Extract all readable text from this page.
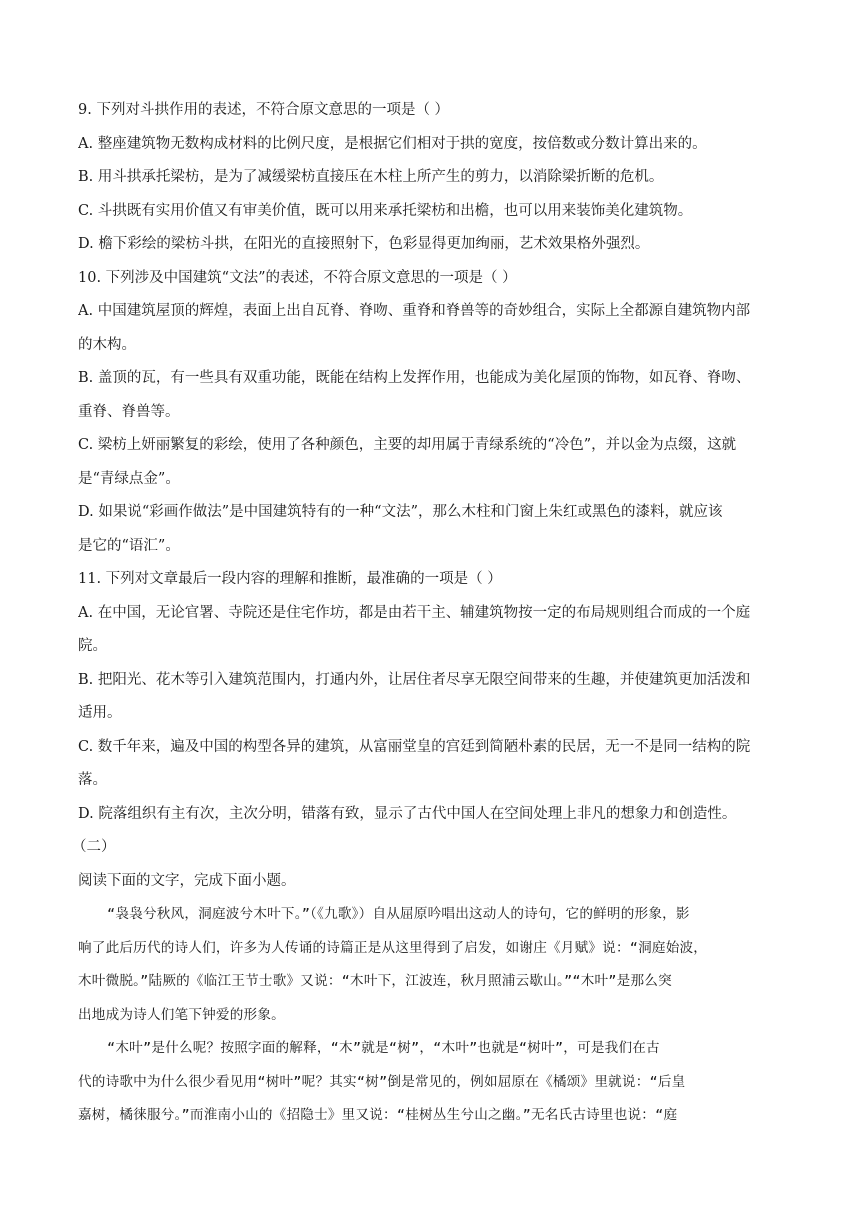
9. 下列对斗拱作用的表述，不符合原文意思的一项是（ ）
A. 整座建筑物无数构成材料的比例尺度，是根据它们相对于拱的宽度，按倍数或分数计算出来的。
B. 用斗拱承托梁枋，是为了减缓梁枋直接压在木柱上所产生的剪力，以消除梁折断的危机。
C. 斗拱既有实用价值又有审美价值，既可以用来承托梁枋和出檐，也可以用来装饰美化建筑物。
D. 檐下彩绘的梁枋斗拱，在阳光的直接照射下，色彩显得更加绚丽，艺术效果格外强烈。
10. 下列涉及中国建筑“文法”的表述，不符合原文意思的一项是（ ）
A. 中国建筑屋顶的辉煌，表面上出自瓦脊、脊吻、重脊和脊兽等的奇妙组合，实际上全都源自建筑物内部
的木构。
B. 盖顶的瓦，有一些具有双重功能，既能在结构上发挥作用，也能成为美化屋顶的饰物，如瓦脊、脊吻、
重脊、脊兽等。
C. 梁枋上妍丽繁复的彩绘，使用了各种颜色，主要的却用属于青绿系统的“冷色”，并以金为点缀，这就
是“青绿点金”。
D. 如果说“彩画作做法”是中国建筑特有的一种“文法”，那么木柱和门窗上朱红或黑色的漆料，就应该
是它的“语汇”。
11. 下列对文章最后一段内容的理解和推断，最准确的一项是（ ）
A. 在中国，无论官署、寺院还是住宅作坊，都是由若干主、辅建筑物按一定的布局规则组合而成的一个庭
院。
B. 把阳光、花木等引入建筑范围内，打通内外，让居住者尽享无限空间带来的生趣，并使建筑更加活泼和
适用。
C. 数千年来，遍及中国的构型各异的建筑，从富丽堂皇的宫廷到简陋朴素的民居，无一不是同一结构的院
落。
D. 院落组织有主有次，主次分明，错落有致，显示了古代中国人在空间处理上非凡的想象力和创造性。
（二）
阅读下面的文字，完成下面小题。
“袅袅兮秋风，洞庭波兮木叶下。”（《九歌》）自从屈原吟唱出这动人的诗句，它的鲜明的形象，影
响了此后历代的诗人们，许多为人传诵的诗篇正是从这里得到了启发，如谢庄《月赋》说：“洞庭始波，
木叶微脱。”陆厥的《临江王节士歌》又说：“木叶下，江波连，秋月照浦云歇山。”“木叶”是那么突
出地成为诗人们笔下钟爱的形象。
“木叶”是什么呢？按照字面的解释，“木”就是“树”，“木叶”也就是“树叶”，可是我们在古
代的诗歌中为什么很少看见用“树叶”呢？其实“树”倒是常见的，例如屈原在《橘颂》里就说：“后皇
嘉树，橘徕服兮。”而淮南小山的《招隐士》里又说：“桂树丛生兮山之幽。”无名氏古诗里也说：“庭
